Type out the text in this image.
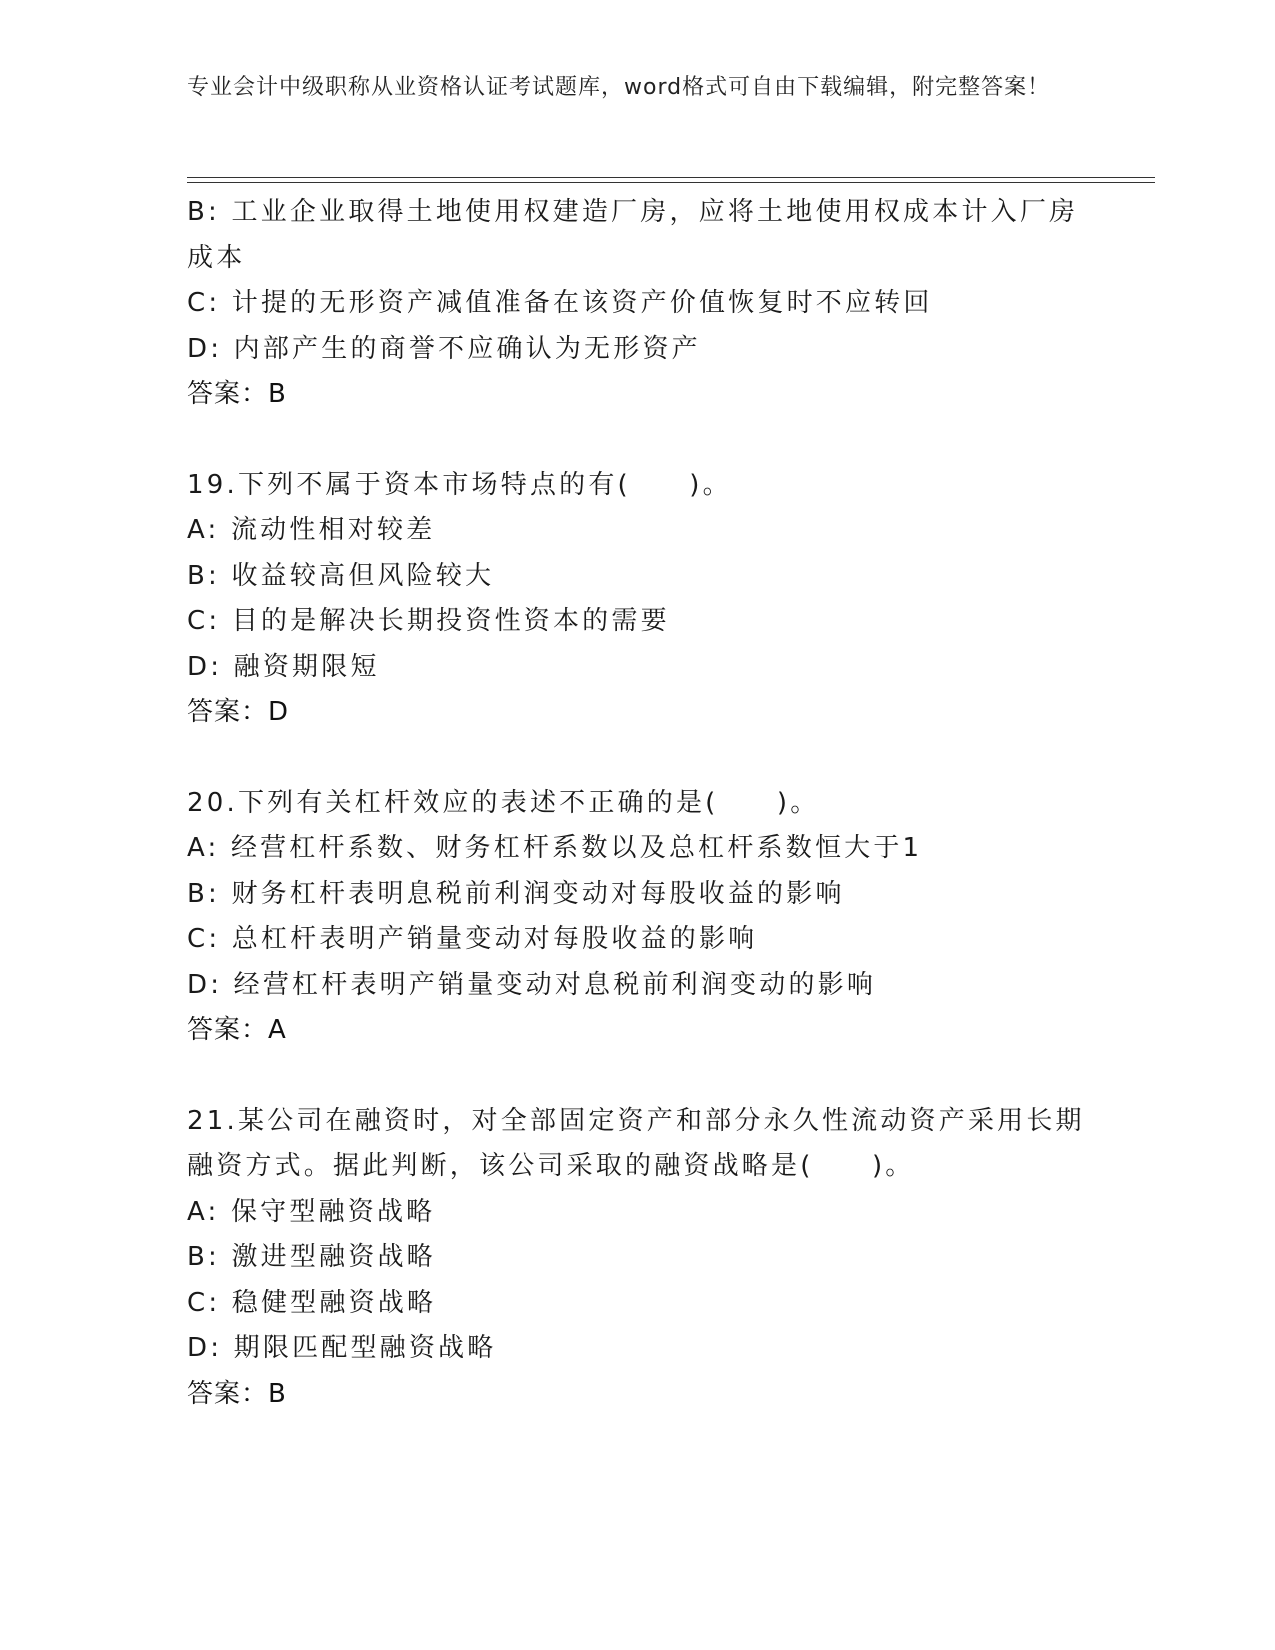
专业会计中级职称从业资格认证考试题库，word格式可自由下载编辑，附完整答案！
B: 工业企业取得土地使用权建造厂房，应将土地使用权成本计入厂房成本
C: 计提的无形资产减值准备在该资产价值恢复时不应转回
D: 内部产生的商誉不应确认为无形资产
答案：B
19.下列不属于资本市场特点的有(　　)。
A: 流动性相对较差
B: 收益较高但风险较大
C: 目的是解决长期投资性资本的需要
D: 融资期限短
答案：D
20.下列有关杠杆效应的表述不正确的是(　　)。
A: 经营杠杆系数、财务杠杆系数以及总杠杆系数恒大于1
B: 财务杠杆表明息税前利润变动对每股收益的影响
C: 总杠杆表明产销量变动对每股收益的影响
D: 经营杠杆表明产销量变动对息税前利润变动的影响
答案：A
21.某公司在融资时，对全部固定资产和部分永久性流动资产采用长期融资方式。据此判断，该公司采取的融资战略是(　　)。
A: 保守型融资战略
B: 激进型融资战略
C: 稳健型融资战略
D: 期限匹配型融资战略
答案：B
